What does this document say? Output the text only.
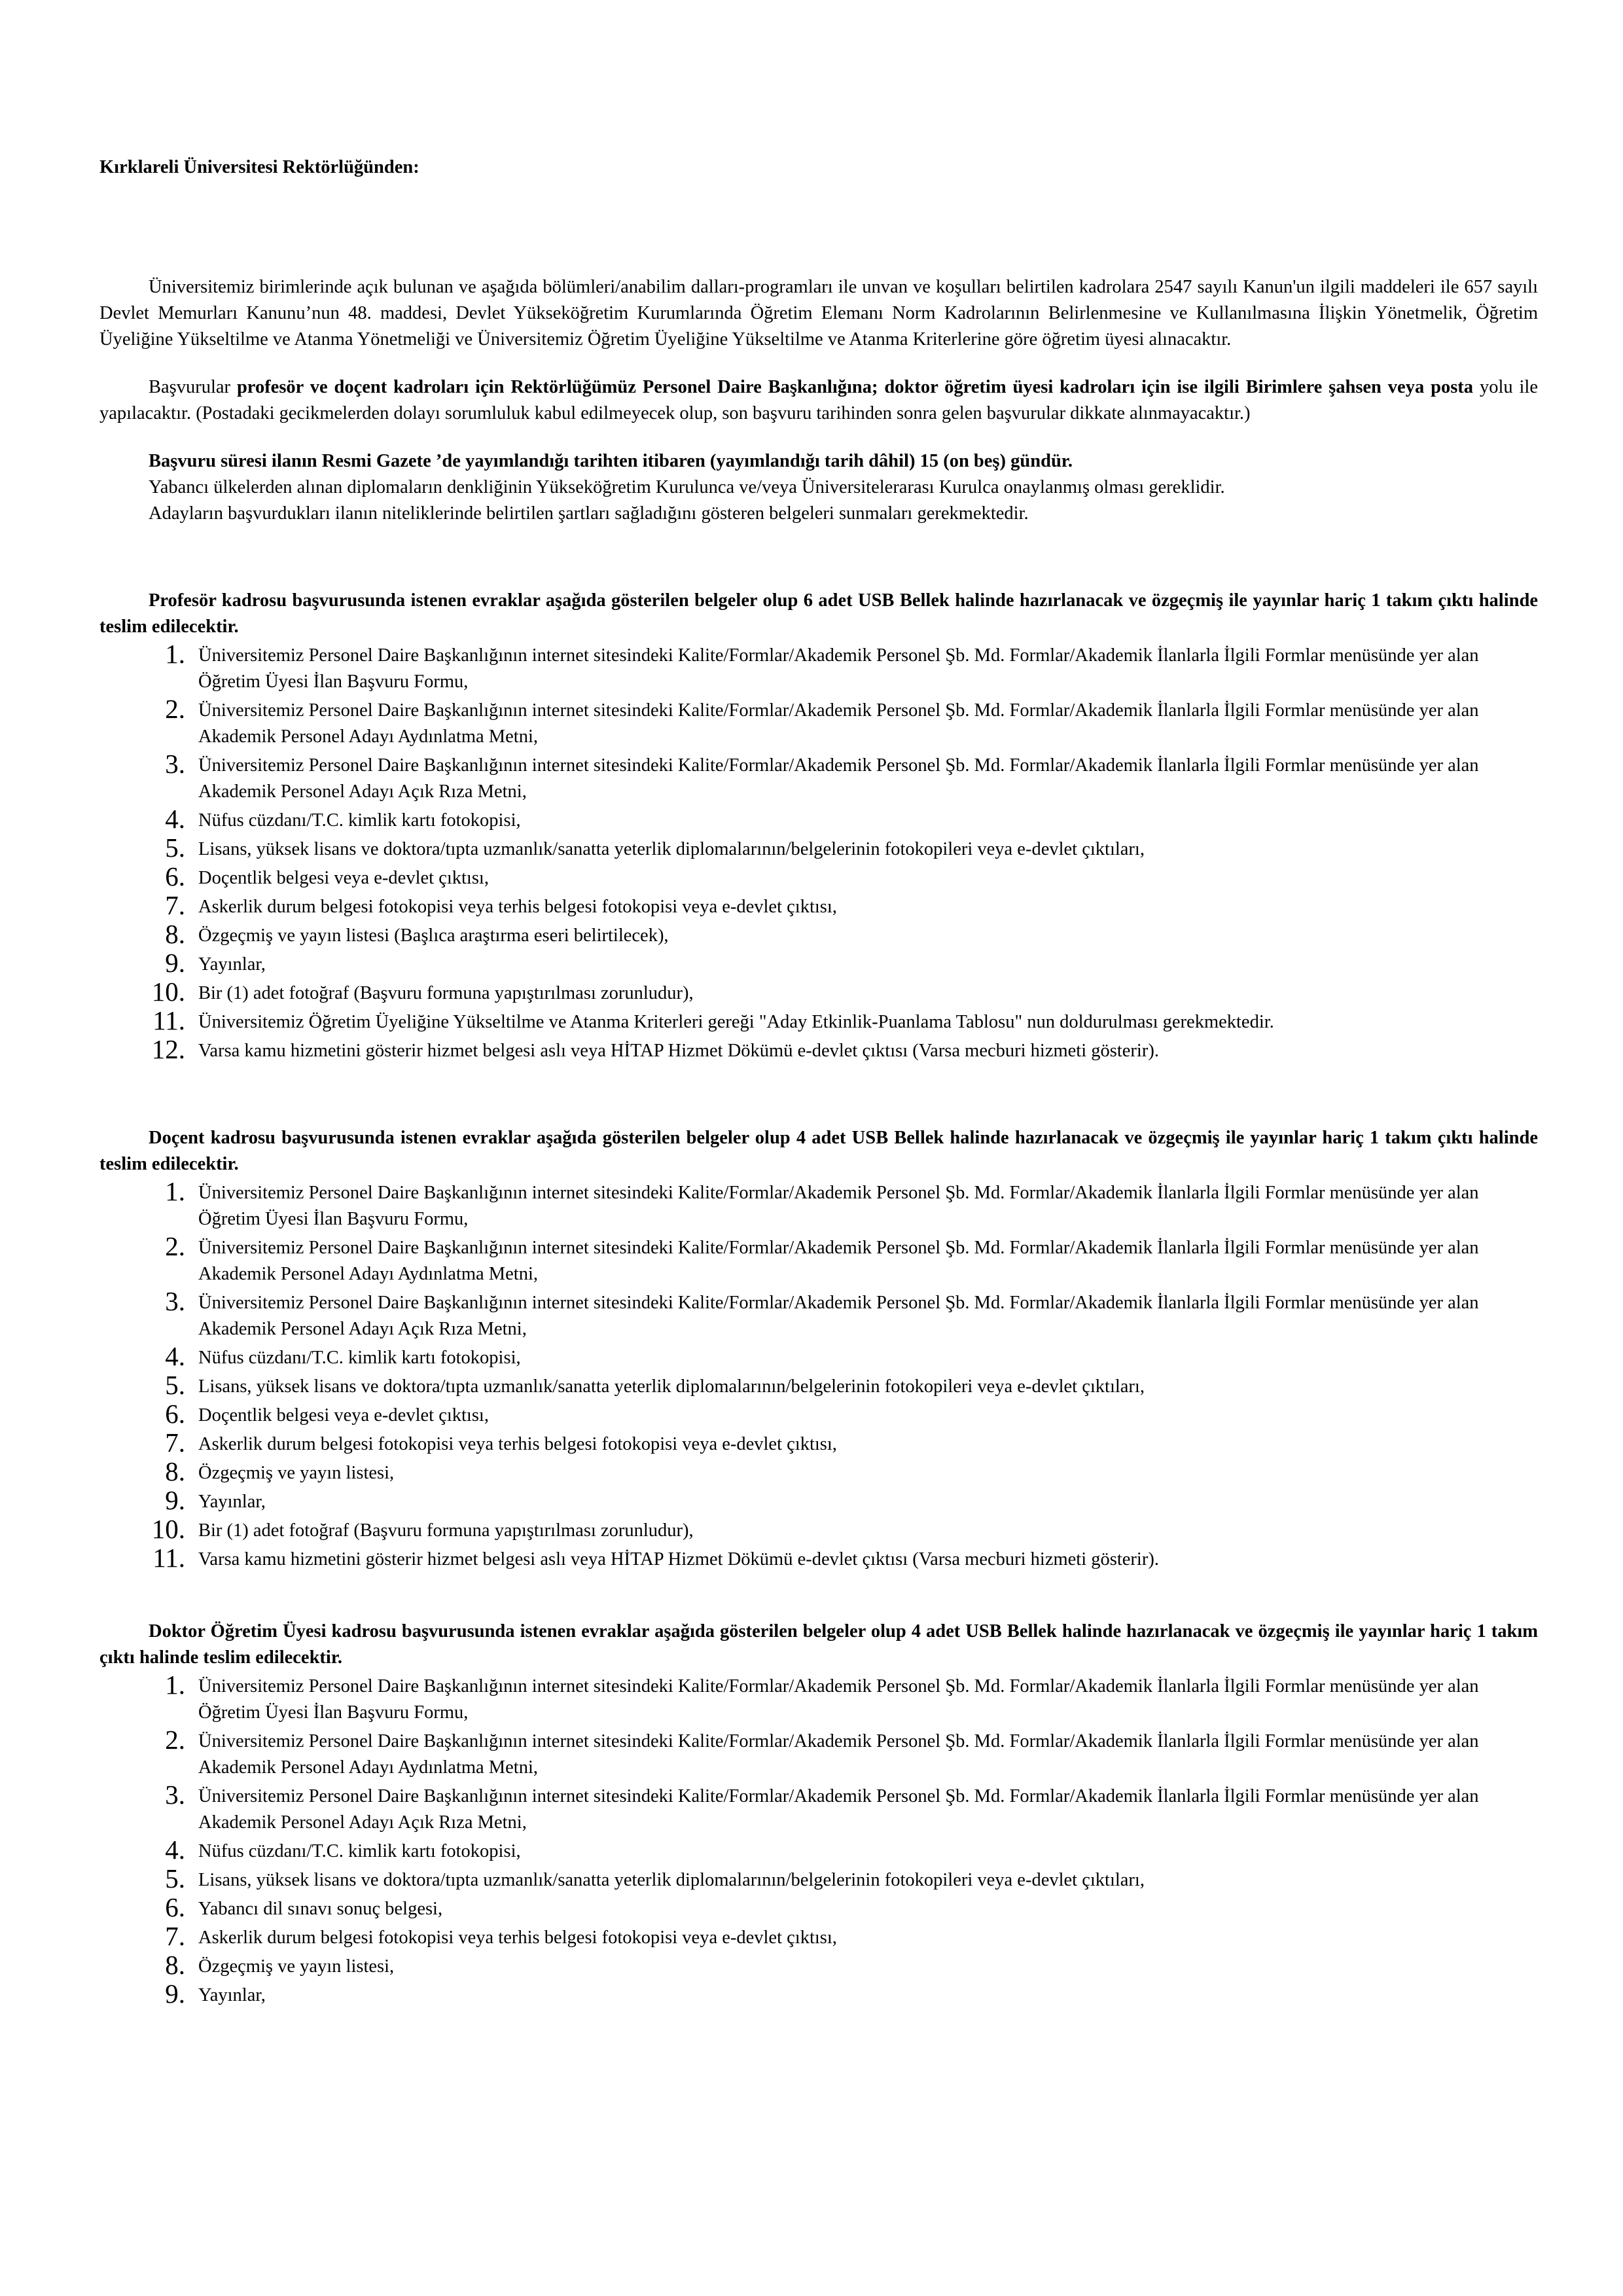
Kırklareli Üniversitesi Rektörlüğünden:

Üniversitemiz birimlerinde açık bulunan ve aşağıda bölümleri/anabilim dalları-programları ile unvan ve koşulları belirtilen kadrolara 2547 sayılı Kanun'un ilgili maddeleri ile 657 sayılı Devlet Memurları Kanunu’nun 48. maddesi, Devlet Yükseköğretim Kurumlarında Öğretim Elemanı Norm Kadrolarının Belirlenmesine ve Kullanılmasına İlişkin Yönetmelik, Öğretim Üyeliğine Yükseltilme ve Atanma Yönetmeliği ve Üniversitemiz Öğretim Üyeliğine Yükseltilme ve Atanma Kriterlerine göre öğretim üyesi alınacaktır.

Başvurular profesör ve doçent kadroları için Rektörlüğümüz Personel Daire Başkanlığına; doktor öğretim üyesi kadroları için ise ilgili Birimlere şahsen veya posta yolu ile yapılacaktır. (Postadaki gecikmelerden dolayı sorumluluk kabul edilmeyecek olup, son başvuru tarihinden sonra gelen başvurular dikkate alınmayacaktır.)

Başvuru süresi ilanın Resmi Gazete ’de yayımlandığı tarihten itibaren (yayımlandığı tarih dâhil) 15 (on beş) gündür.

Yabancı ülkelerden alınan diplomaların denkliğinin Yükseköğretim Kurulunca ve/veya Üniversitelerarası Kurulca onaylanmış olması gereklidir.

Adayların başvurdukları ilanın niteliklerinde belirtilen şartları sağladığını gösteren belgeleri sunmaları gerekmektedir.

Profesör kadrosu başvurusunda istenen evraklar aşağıda gösterilen belgeler olup 6 adet USB Bellek halinde hazırlanacak ve özgeçmiş ile yayınlar hariç 1 takım çıktı halinde teslim edilecektir.

1. Üniversitemiz Personel Daire Başkanlığının internet sitesindeki Kalite/Formlar/Akademik Personel Şb. Md. Formlar/Akademik İlanlarla İlgili Formlar menüsünde yer alan Öğretim Üyesi İlan Başvuru Formu,
2. Üniversitemiz Personel Daire Başkanlığının internet sitesindeki Kalite/Formlar/Akademik Personel Şb. Md. Formlar/Akademik İlanlarla İlgili Formlar menüsünde yer alan Akademik Personel Adayı Aydınlatma Metni,
3. Üniversitemiz Personel Daire Başkanlığının internet sitesindeki Kalite/Formlar/Akademik Personel Şb. Md. Formlar/Akademik İlanlarla İlgili Formlar menüsünde yer alan Akademik Personel Adayı Açık Rıza Metni,
4. Nüfus cüzdanı/T.C. kimlik kartı fotokopisi,
5. Lisans, yüksek lisans ve doktora/tıpta uzmanlık/sanatta yeterlik diplomalarının/belgelerinin fotokopileri veya e-devlet çıktıları,
6. Doçentlik belgesi veya e-devlet çıktısı,
7. Askerlik durum belgesi fotokopisi veya terhis belgesi fotokopisi veya e-devlet çıktısı,
8. Özgeçmiş ve yayın listesi (Başlıca araştırma eseri belirtilecek),
9. Yayınlar,
10. Bir (1) adet fotoğraf (Başvuru formuna yapıştırılması zorunludur),
11. Üniversitemiz Öğretim Üyeliğine Yükseltilme ve Atanma Kriterleri gereği "Aday Etkinlik-Puanlama Tablosu" nun doldurulması gerekmektedir.
12. Varsa kamu hizmetini gösterir hizmet belgesi aslı veya HİTAP Hizmet Dökümü e-devlet çıktısı (Varsa mecburi hizmeti gösterir).

Doçent kadrosu başvurusunda istenen evraklar aşağıda gösterilen belgeler olup 4 adet USB Bellek halinde hazırlanacak ve özgeçmiş ile yayınlar hariç 1 takım çıktı halinde teslim edilecektir.

1. Üniversitemiz Personel Daire Başkanlığının internet sitesindeki Kalite/Formlar/Akademik Personel Şb. Md. Formlar/Akademik İlanlarla İlgili Formlar menüsünde yer alan Öğretim Üyesi İlan Başvuru Formu,
2. Üniversitemiz Personel Daire Başkanlığının internet sitesindeki Kalite/Formlar/Akademik Personel Şb. Md. Formlar/Akademik İlanlarla İlgili Formlar menüsünde yer alan Akademik Personel Adayı Aydınlatma Metni,
3. Üniversitemiz Personel Daire Başkanlığının internet sitesindeki Kalite/Formlar/Akademik Personel Şb. Md. Formlar/Akademik İlanlarla İlgili Formlar menüsünde yer alan Akademik Personel Adayı Açık Rıza Metni,
4. Nüfus cüzdanı/T.C. kimlik kartı fotokopisi,
5. Lisans, yüksek lisans ve doktora/tıpta uzmanlık/sanatta yeterlik diplomalarının/belgelerinin fotokopileri veya e-devlet çıktıları,
6. Doçentlik belgesi veya e-devlet çıktısı,
7. Askerlik durum belgesi fotokopisi veya terhis belgesi fotokopisi veya e-devlet çıktısı,
8. Özgeçmiş ve yayın listesi,
9. Yayınlar,
10. Bir (1) adet fotoğraf (Başvuru formuna yapıştırılması zorunludur),
11. Varsa kamu hizmetini gösterir hizmet belgesi aslı veya HİTAP Hizmet Dökümü e-devlet çıktısı (Varsa mecburi hizmeti gösterir).

Doktor Öğretim Üyesi kadrosu başvurusunda istenen evraklar aşağıda gösterilen belgeler olup 4 adet USB Bellek halinde hazırlanacak ve özgeçmiş ile yayınlar hariç 1 takım çıktı halinde teslim edilecektir.

1. Üniversitemiz Personel Daire Başkanlığının internet sitesindeki Kalite/Formlar/Akademik Personel Şb. Md. Formlar/Akademik İlanlarla İlgili Formlar menüsünde yer alan Öğretim Üyesi İlan Başvuru Formu,
2. Üniversitemiz Personel Daire Başkanlığının internet sitesindeki Kalite/Formlar/Akademik Personel Şb. Md. Formlar/Akademik İlanlarla İlgili Formlar menüsünde yer alan Akademik Personel Adayı Aydınlatma Metni,
3. Üniversitemiz Personel Daire Başkanlığının internet sitesindeki Kalite/Formlar/Akademik Personel Şb. Md. Formlar/Akademik İlanlarla İlgili Formlar menüsünde yer alan Akademik Personel Adayı Açık Rıza Metni,
4. Nüfus cüzdanı/T.C. kimlik kartı fotokopisi,
5. Lisans, yüksek lisans ve doktora/tıpta uzmanlık/sanatta yeterlik diplomalarının/belgelerinin fotokopileri veya e-devlet çıktıları,
6. Yabancı dil sınavı sonuç belgesi,
7. Askerlik durum belgesi fotokopisi veya terhis belgesi fotokopisi veya e-devlet çıktısı,
8. Özgeçmiş ve yayın listesi,
9. Yayınlar,
